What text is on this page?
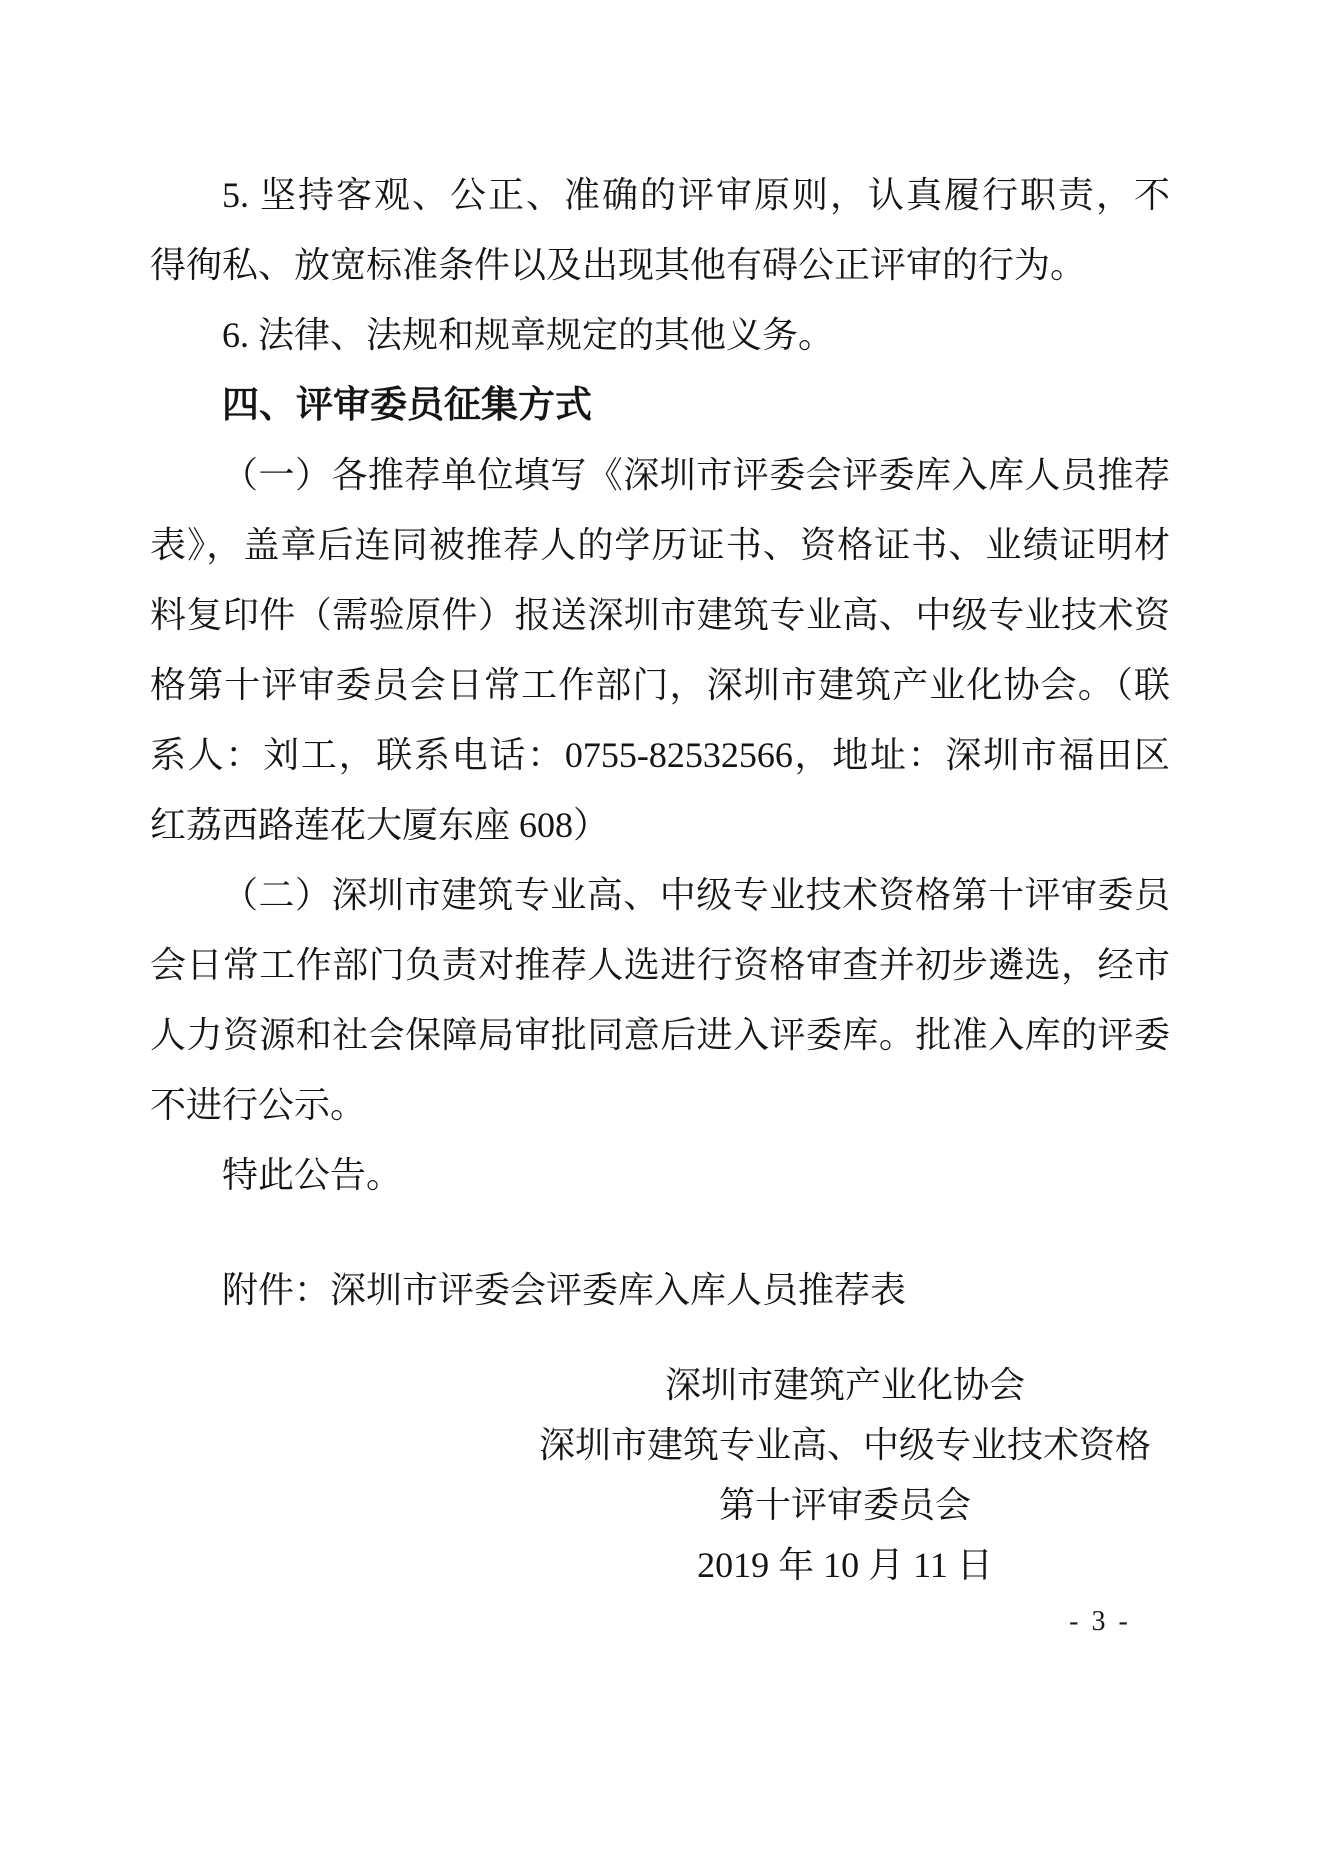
5. 坚持客观、公正、准确的评审原则，认真履行职责，不
得徇私、放宽标准条件以及出现其他有碍公正评审的行为。
6. 法律、法规和规章规定的其他义务。
四、评审委员征集方式
（一）各推荐单位填写《深圳市评委会评委库入库人员推荐
表》，盖章后连同被推荐人的学历证书、资格证书、业绩证明材
料复印件（需验原件）报送深圳市建筑专业高、中级专业技术资
格第十评审委员会日常工作部门，深圳市建筑产业化协会。（联
系人：刘工，联系电话：0755-82532566，地址：深圳市福田区
红荔西路莲花大厦东座 608）
（二）深圳市建筑专业高、中级专业技术资格第十评审委员
会日常工作部门负责对推荐人选进行资格审查并初步遴选，经市
人力资源和社会保障局审批同意后进入评委库。批准入库的评委
不进行公示。
特此公告。
附件：深圳市评委会评委库入库人员推荐表
深圳市建筑产业化协会
深圳市建筑专业高、中级专业技术资格
第十评审委员会
2019 年 10 月 11 日
- 3 -
